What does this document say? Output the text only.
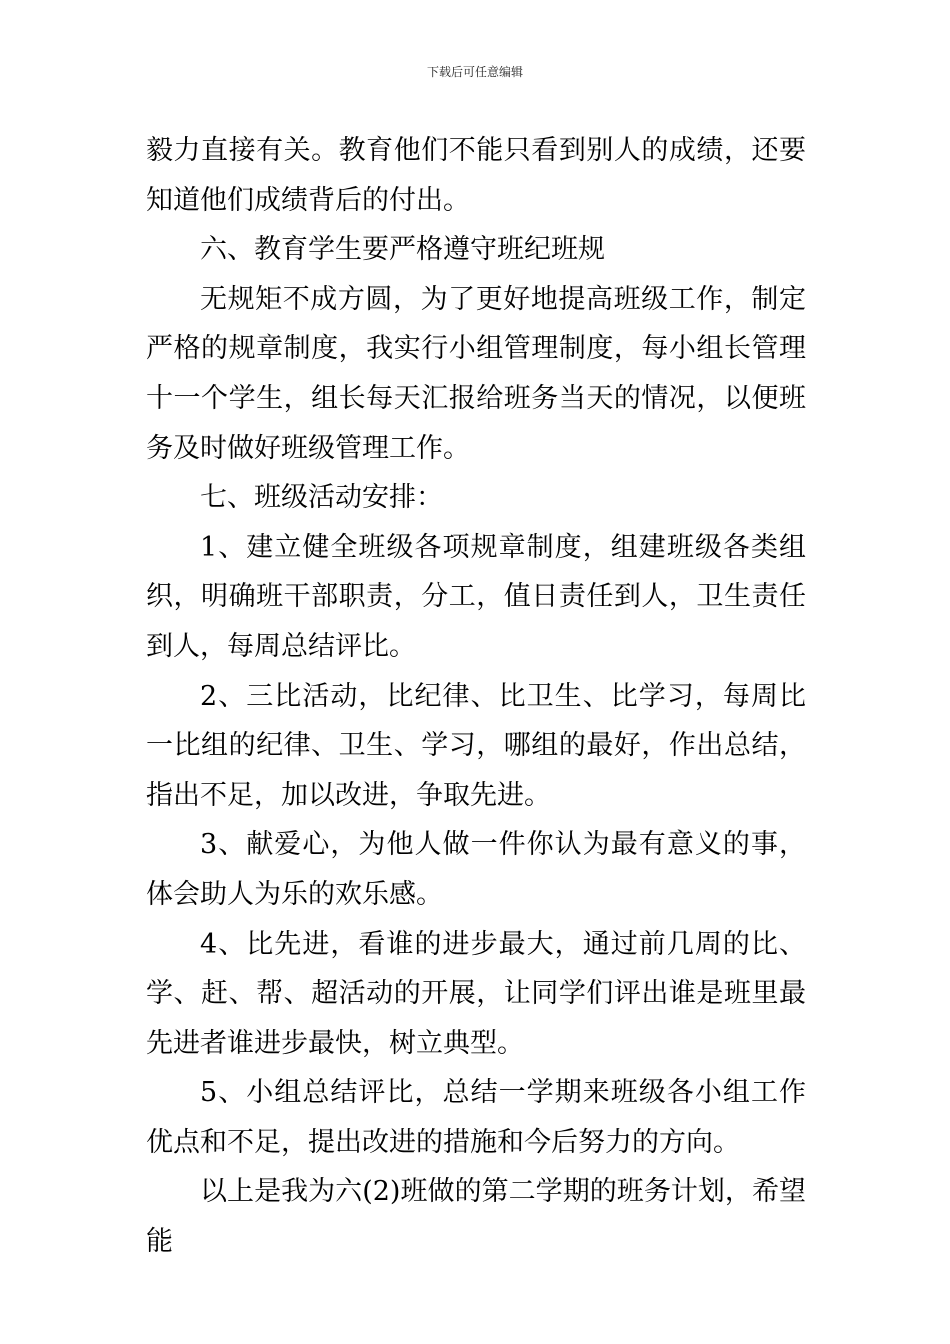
下载后可任意编辑

毅力直接有关。教育他们不能只看到别人的成绩，还要知道他们成绩背后的付出。

六、教育学生要严格遵守班纪班规

无规矩不成方圆，为了更好地提高班级工作，制定严格的规章制度，我实行小组管理制度，每小组长管理十一个学生，组长每天汇报给班务当天的情况，以便班务及时做好班级管理工作。

七、班级活动安排：

1、建立健全班级各项规章制度，组建班级各类组织，明确班干部职责，分工，值日责任到人，卫生责任到人，每周总结评比。

2、三比活动，比纪律、比卫生、比学习，每周比一比组的纪律、卫生、学习，哪组的最好，作出总结，指出不足，加以改进，争取先进。

3、献爱心，为他人做一件你认为最有意义的事，体会助人为乐的欢乐感。

4、比先进，看谁的进步最大，通过前几周的比、学、赶、帮、超活动的开展，让同学们评出谁是班里最先进者谁进步最快，树立典型。

5、小组总结评比，总结一学期来班级各小组工作优点和不足，提出改进的措施和今后努力的方向。

以上是我为六(2)班做的第二学期的班务计划，希望能
